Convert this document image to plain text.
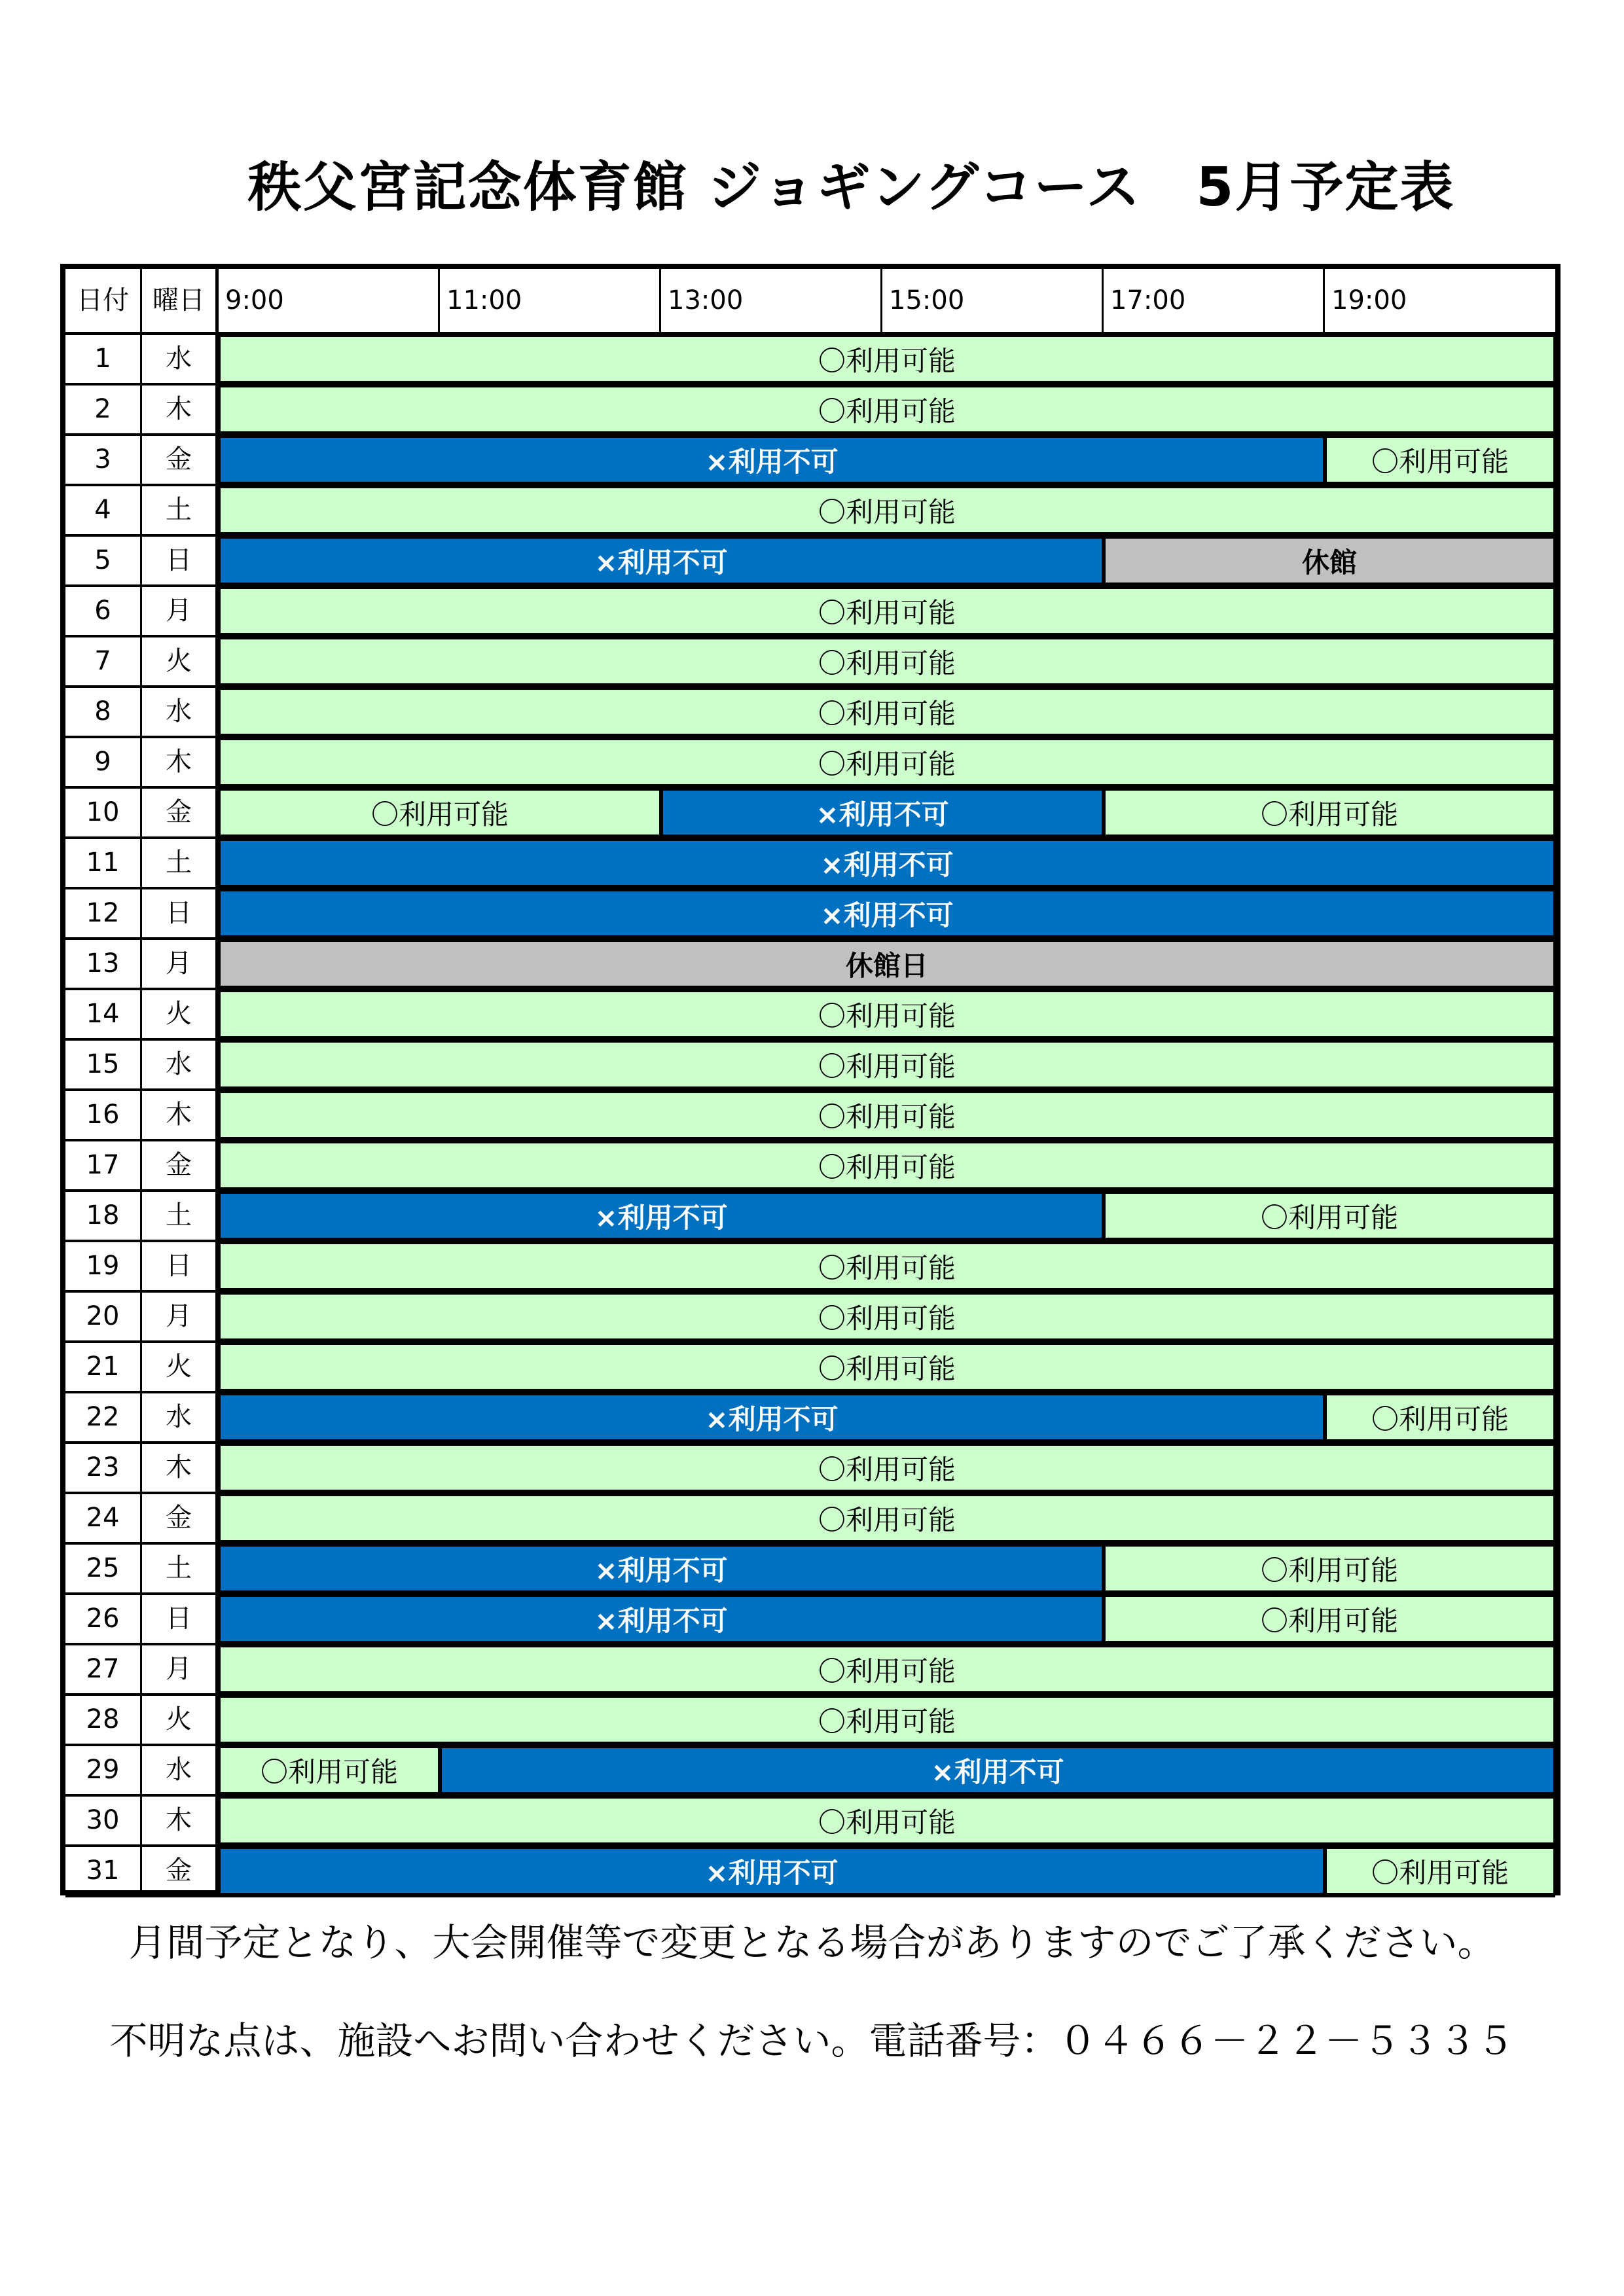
秩父宮記念体育館 ジョギングコース　5月予定表
日付 曜日 9:00	11:00	13:00	15:00	17:00	19:00
1	水	〇利用可能
2	木	〇利用可能
3	金	×利用不可	〇利用可能
4	土	〇利用可能
5	日	×利用不可	休館
6	月	〇利用可能
7	火	〇利用可能
8	水	〇利用可能
9	木	〇利用可能
10	金	〇利用可能	×利用不可	〇利用可能
11	土	×利用不可
12	日	×利用不可
13	月	休館日
14	火	〇利用可能
15	水	〇利用可能
16	木	〇利用可能
17	金	〇利用可能
18	土	×利用不可	〇利用可能
19	日	〇利用可能
20	月	〇利用可能
21	火	〇利用可能
22	水	×利用不可	〇利用可能
23	木	〇利用可能
24	金	〇利用可能
25	土	×利用不可	〇利用可能
26	日	×利用不可	〇利用可能
27	月	〇利用可能
28	火	〇利用可能
29	水	〇利用可能	×利用不可
30	木	〇利用可能
31	金	×利用不可	〇利用可能
月間予定となり、大会開催等で変更となる場合がありますのでご了承ください。
不明な点は、施設へお問い合わせください。電話番号：０４６６－２２－５３３５
